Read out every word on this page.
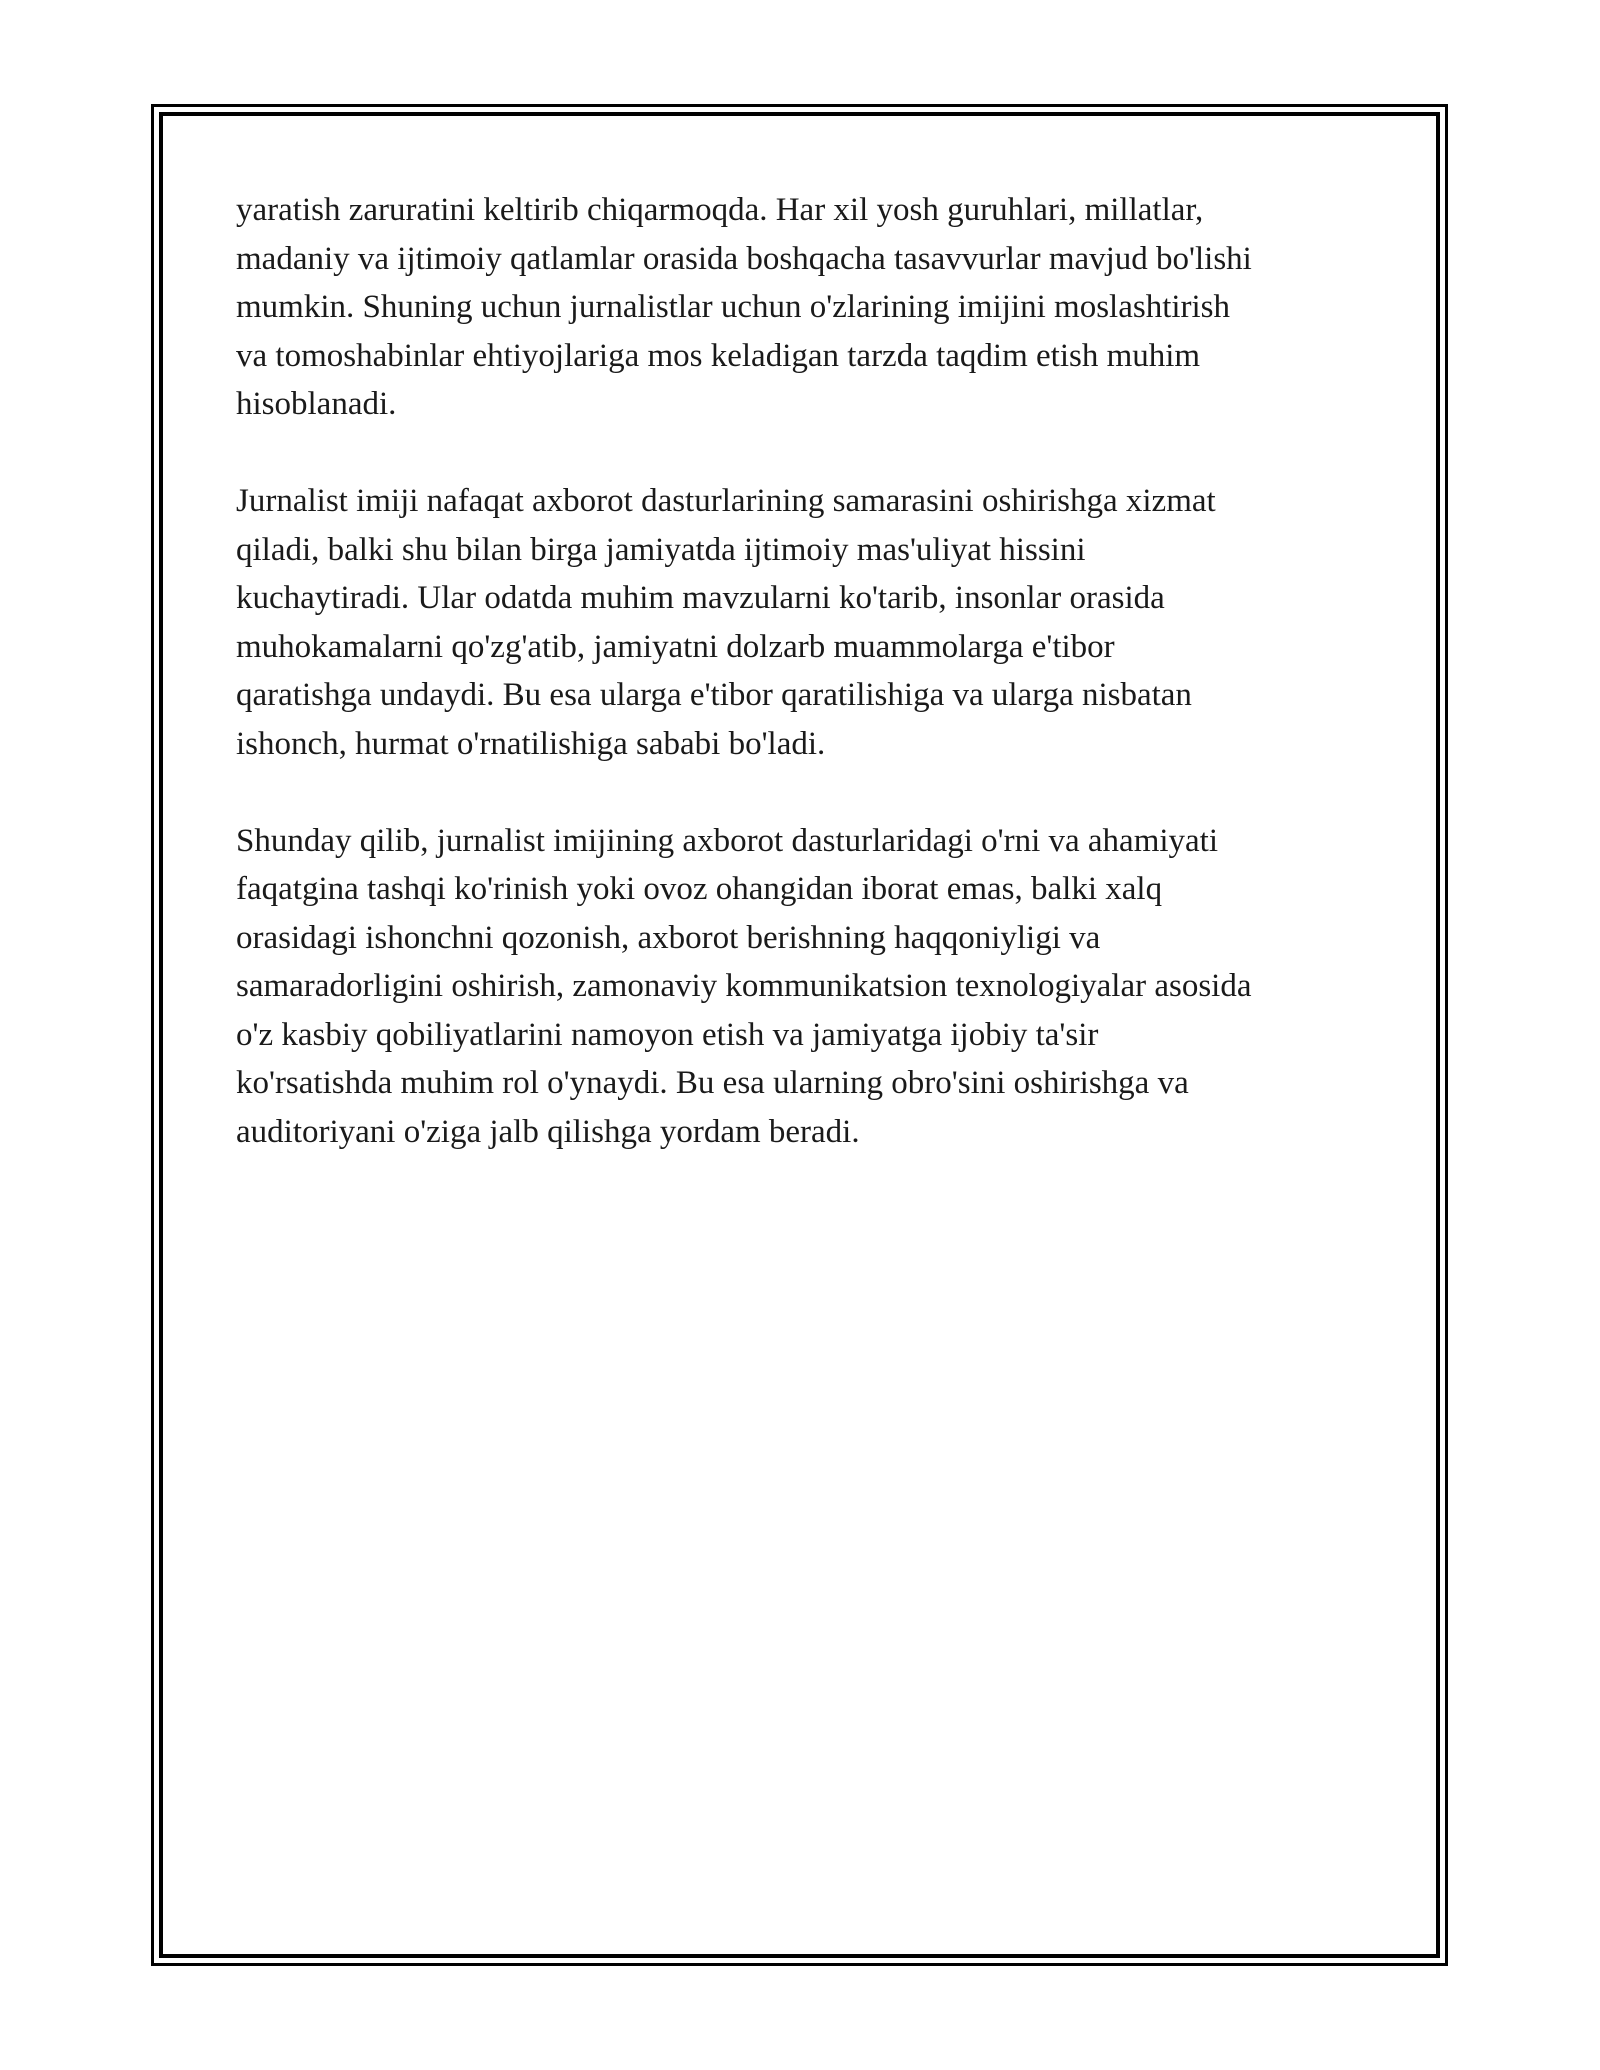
yaratish zaruratini keltirib chiqarmoqda. Har xil yosh guruhlari, millatlar,
madaniy va ijtimoiy qatlamlar orasida boshqacha tasavvurlar mavjud bo'lishi
mumkin. Shuning uchun jurnalistlar uchun o'zlarining imijini moslashtirish
va tomoshabinlar ehtiyojlariga mos keladigan tarzda taqdim etish muhim
hisoblanadi.

Jurnalist imiji nafaqat axborot dasturlarining samarasini oshirishga xizmat
qiladi, balki shu bilan birga jamiyatda ijtimoiy mas'uliyat hissini
kuchaytiradi. Ular odatda muhim mavzularni ko'tarib, insonlar orasida
muhokamalarni qo'zg'atib, jamiyatni dolzarb muammolarga e'tibor
qaratishga undaydi. Bu esa ularga e'tibor qaratilishiga va ularga nisbatan
ishonch, hurmat o'rnatilishiga sababi bo'ladi.

Shunday qilib, jurnalist imijining axborot dasturlaridagi o'rni va ahamiyati
faqatgina tashqi ko'rinish yoki ovoz ohangidan iborat emas, balki xalq
orasidagi ishonchni qozonish, axborot berishning haqqoniyligi va
samaradorligini oshirish, zamonaviy kommunikatsion texnologiyalar asosida
o'z kasbiy qobiliyatlarini namoyon etish va jamiyatga ijobiy ta'sir
ko'rsatishda muhim rol o'ynaydi. Bu esa ularning obro'sini oshirishga va
auditoriyani o'ziga jalb qilishga yordam beradi.
